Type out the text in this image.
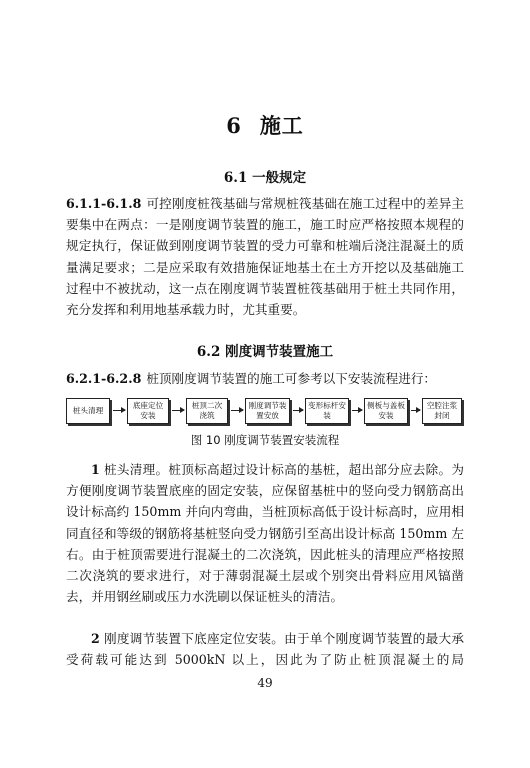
6 施工
6.1 一般规定
6.1.1-6.1.8 可控刚度桩筏基础与常规桩筏基础在施工过程中的差异主要集中在两点：一是刚度调节装置的施工，施工时应严格按照本规程的规定执行，保证做到刚度调节装置的受力可靠和桩端后浇注混凝土的质量满足要求；二是应采取有效措施保证地基土在土方开挖以及基础施工过程中不被扰动，这一点在刚度调节装置桩筏基础用于桩土共同作用，充分发挥和利用地基承载力时，尤其重要。
6.2 刚度调节装置施工
6.2.1-6.2.8 桩顶刚度调节装置的施工可参考以下安装流程进行：
桩头清理
底座定位安装
桩顶二次浇筑
刚度调节装置安放
变形标杆安装
侧板与盖板安装
空腔注浆封闭
图 10 刚度调节装置安装流程
1 桩头清理。桩顶标高超过设计标高的基桩，超出部分应去除。为方便刚度调节装置底座的固定安装，应保留基桩中的竖向受力钢筋高出设计标高约 150mm 并向内弯曲，当桩顶标高低于设计标高时，应用相同直径和等级的钢筋将基桩竖向受力钢筋引至高出设计标高 150mm 左右。由于桩顶需要进行混凝土的二次浇筑，因此桩头的清理应严格按照二次浇筑的要求进行，对于薄弱混凝土层或个别突出骨料应用风镐凿去，并用钢丝刷或压力水洗刷以保证桩头的清洁。
2 刚度调节装置下底座定位安装。由于单个刚度调节装置的最大承受荷载可能达到 5000kN 以上，因此为了防止桩顶混凝土的局
49
